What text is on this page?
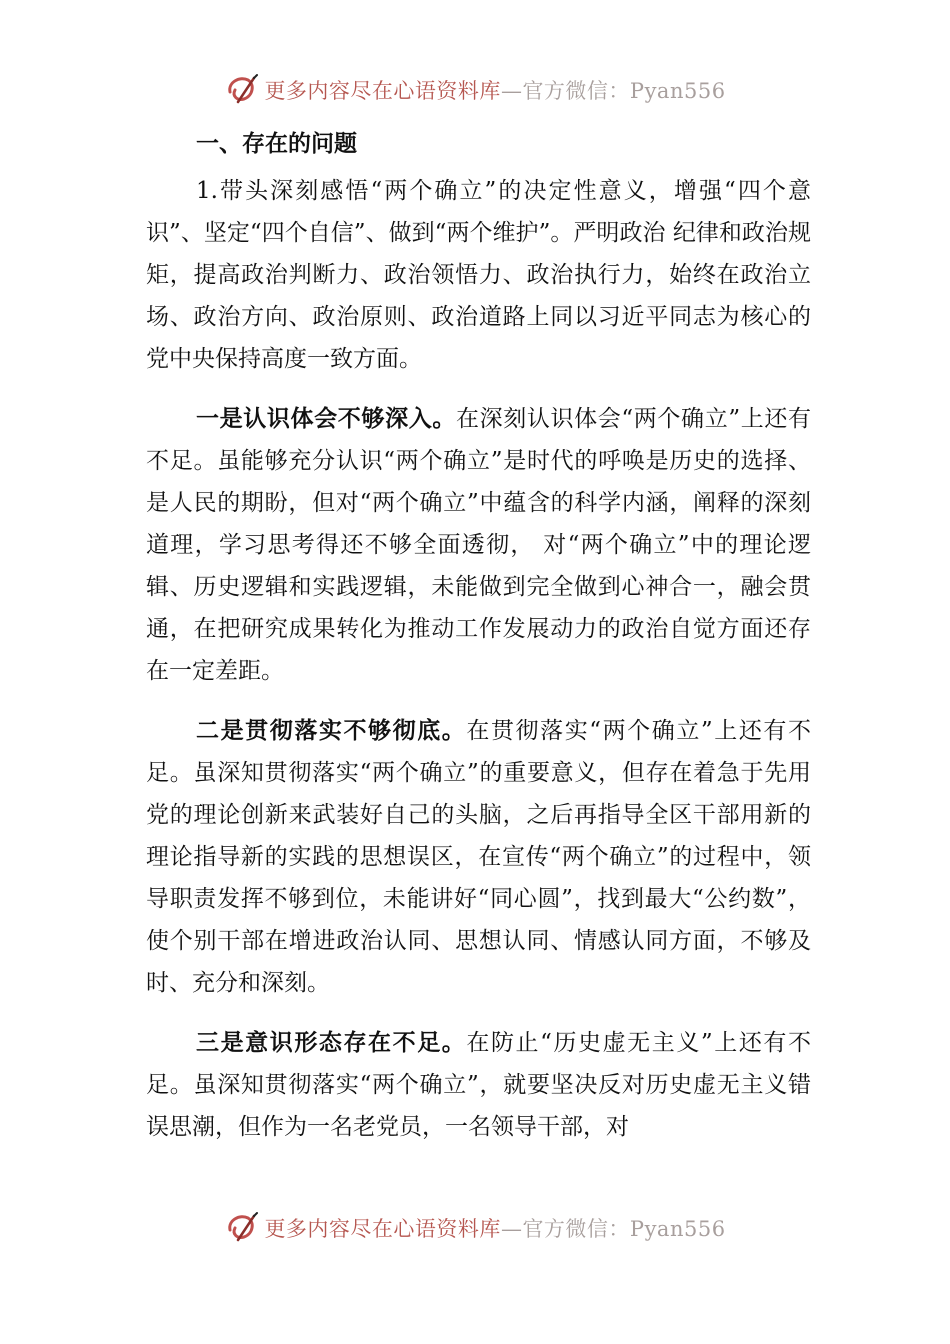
更多内容尽在心语资料库—官方微信：Pyan556
一、存在的问题

1.带头深刻感悟“两个确立”的决定性意义，增强“四个意识”、坚定“四个自信”、做到“两个维护”。严明政治 纪律和政治规矩，提高政治判断力、政治领悟力、政治执行力，始终在政治立场、政治方向、政治原则、政治道路上同以习近平同志为核心的党中央保持高度一致方面。

一是认识体会不够深入。在深刻认识体会“两个确立”上还有不足。虽能够充分认识“两个确立”是时代的呼唤是历史的选择、是人民的期盼，但对“两个确立”中蕴含的科学内涵，阐释的深刻道理，学习思考得还不够全面透彻， 对“两个确立”中的理论逻辑、历史逻辑和实践逻辑，未能做到完全做到心神合一，融会贯通，在把研究成果转化为推动工作发展动力的政治自觉方面还存在一定差距。

二是贯彻落实不够彻底。在贯彻落实“两个确立”上还有不足。虽深知贯彻落实“两个确立”的重要意义，但存在着急于先用党的理论创新来武装好自己的头脑，之后再指导全区干部用新的理论指导新的实践的思想误区，在宣传“两个确立”的过程中，领导职责发挥不够到位，未能讲好“同心圆”，找到最大“公约数”，使个别干部在增进政治认同、思想认同、情感认同方面，不够及时、充分和深刻。

三是意识形态存在不足。在防止“历史虚无主义”上还有不足。虽深知贯彻落实“两个确立”，就要坚决反对历史虚无主义错误思潮，但作为一名老党员，一名领导干部，对

更多内容尽在心语资料库—官方微信：Pyan556
